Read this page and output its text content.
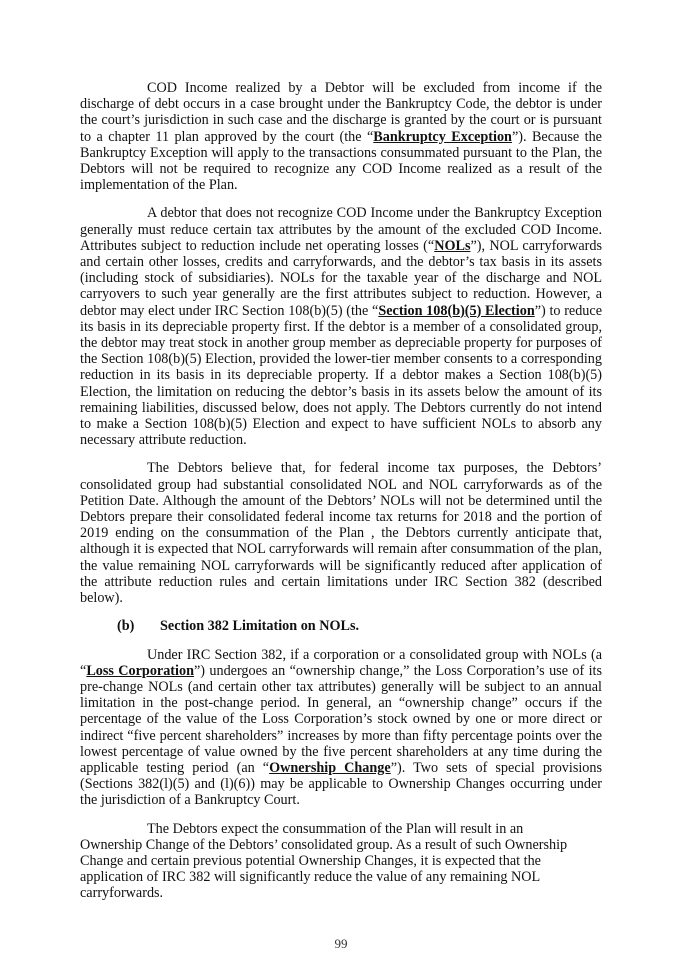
COD Income realized by a Debtor will be excluded from income if the discharge of debt occurs in a case brought under the Bankruptcy Code, the debtor is under the court’s jurisdiction in such case and the discharge is granted by the court or is pursuant to a chapter 11 plan approved by the court (the “Bankruptcy Exception”). Because the Bankruptcy Exception will apply to the transactions consummated pursuant to the Plan, the Debtors will not be required to recognize any COD Income realized as a result of the implementation of the Plan.

A debtor that does not recognize COD Income under the Bankruptcy Exception generally must reduce certain tax attributes by the amount of the excluded COD Income. Attributes subject to reduction include net operating losses (“NOLs”), NOL carryforwards and certain other losses, credits and carryforwards, and the debtor’s tax basis in its assets (including stock of subsidiaries). NOLs for the taxable year of the discharge and NOL carryovers to such year generally are the first attributes subject to reduction. However, a debtor may elect under IRC Section 108(b)(5) (the “Section 108(b)(5) Election”) to reduce its basis in its depreciable property first. If the debtor is a member of a consolidated group, the debtor may treat stock in another group member as depreciable property for purposes of the Section 108(b)(5) Election, provided the lower-tier member consents to a corresponding reduction in its basis in its depreciable property. If a debtor makes a Section 108(b)(5) Election, the limitation on reducing the debtor’s basis in its assets below the amount of its remaining liabilities, discussed below, does not apply. The Debtors currently do not intend to make a Section 108(b)(5) Election and expect to have sufficient NOLs to absorb any necessary attribute reduction.

The Debtors believe that, for federal income tax purposes, the Debtors’ consolidated group had substantial consolidated NOL and NOL carryforwards as of the Petition Date. Although the amount of the Debtors’ NOLs will not be determined until the Debtors prepare their consolidated federal income tax returns for 2018 and the portion of 2019 ending on the consummation of the Plan , the Debtors currently anticipate that, although it is expected that NOL carryforwards will remain after consummation of the plan, the value remaining NOL carryforwards will be significantly reduced after application of the attribute reduction rules and certain limitations under IRC Section 382 (described below).

(b) Section 382 Limitation on NOLs.

Under IRC Section 382, if a corporation or a consolidated group with NOLs (a “Loss Corporation”) undergoes an “ownership change,” the Loss Corporation’s use of its pre-change NOLs (and certain other tax attributes) generally will be subject to an annual limitation in the post-change period. In general, an “ownership change” occurs if the percentage of the value of the Loss Corporation’s stock owned by one or more direct or indirect “five percent shareholders” increases by more than fifty percentage points over the lowest percentage of value owned by the five percent shareholders at any time during the applicable testing period (an “Ownership Change”). Two sets of special provisions (Sections 382(l)(5) and (l)(6)) may be applicable to Ownership Changes occurring under the jurisdiction of a Bankruptcy Court.

The Debtors expect the consummation of the Plan will result in an Ownership Change of the Debtors’ consolidated group. As a result of such Ownership Change and certain previous potential Ownership Changes, it is expected that the application of IRC 382 will significantly reduce the value of any remaining NOL carryforwards.

99
